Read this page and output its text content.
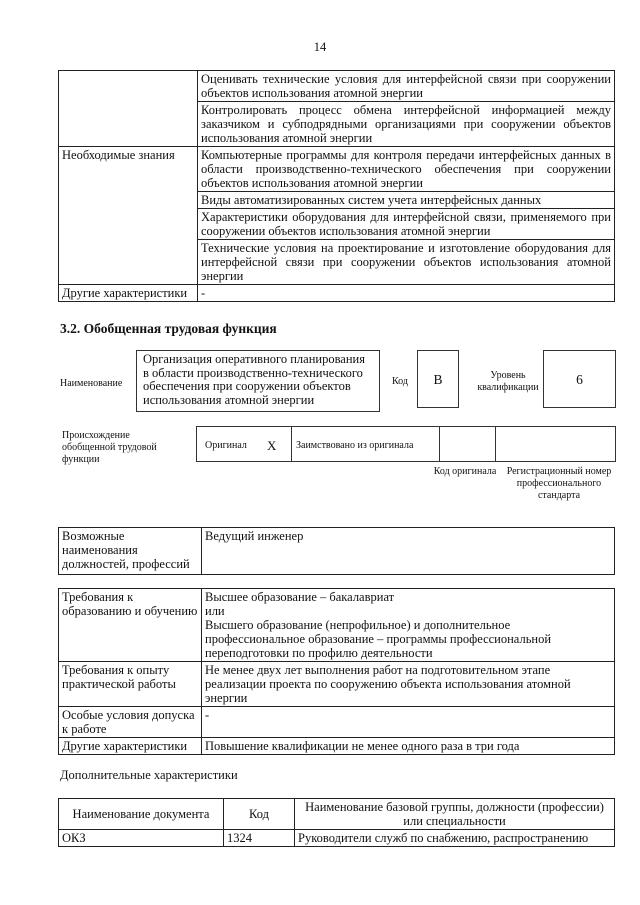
14
	Оценивать технические условия для интерфейсной связи при сооружении объектов использования атомной энергии
	Контролировать процесс обмена интерфейсной информацией между заказчиком и субподрядными организациями при сооружении объектов использования атомной энергии
Необходимые знания	Компьютерные программы для контроля передачи интерфейсных данных в области производственно-технического обеспечения при сооружении объектов использования атомной энергии
	Виды автоматизированных систем учета интерфейсных данных
	Характеристики оборудования для интерфейсной связи, применяемого при сооружении объектов использования атомной энергии
	Технические условия на проектирование и изготовление оборудования для интерфейсной связи при сооружении объектов использования атомной энергии
Другие характеристики	-
3.2. Обобщенная трудовая функция
Наименование
Организация оперативного планирования в области производственно-технического обеспечения при сооружении объектов использования атомной энергии
Код	B	Уровень квалификации
6
Происхождение обобщенной трудовой функции
Оригинал X Заимствовано из оригинала
Код оригинала	Регистрационный номер профессионального стандарта
Возможные наименования должностей, профессий	Ведущий инженер
Требования к образованию и обучению	Высшее образование – бакалавриат
или
Высшего образование (непрофильное) и дополнительное профессиональное образование – программы профессиональной переподготовки по профилю деятельности

Требования к опыту практической работы	Не менее двух лет выполнения работ на подготовительном этапе реализации проекта по сооружению объекта использования атомной энергии
Особые условия допуска к работе	-
Другие характеристики	Повышение квалификации не менее одного раза в три года
Дополнительные характеристики
Наименование документа	Код	Наименование базовой группы, должности (профессии) или специальности
ОКЗ	1324	Руководители служб по снабжению, распространению
